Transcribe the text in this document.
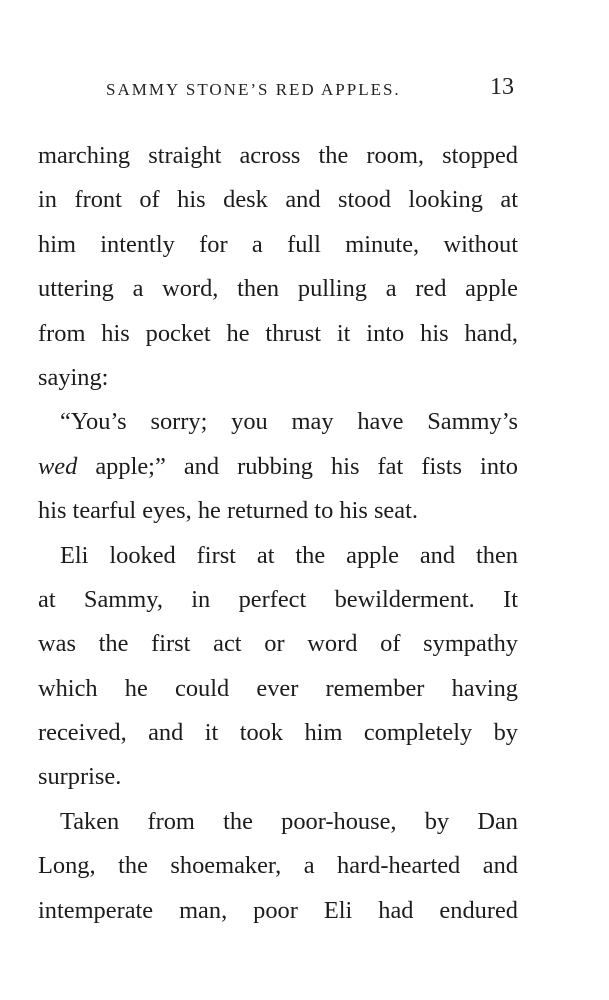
SAMMY STONE’S RED APPLES.	13
marching straight across the room, stopped
in front of his desk and stood looking at
him intently for a full minute, without
uttering a word, then pulling a red apple
from his pocket he thrust it into his hand,
saying:
“You’s sorry; you may have Sammy’s
wed apple;” and rubbing his fat fists into
his tearful eyes, he returned to his seat.
Eli looked first at the apple and then
at Sammy, in perfect bewilderment. It
was the first act or word of sympathy
which he could ever remember having
received, and it took him completely by
surprise.
Taken from the poor-house, by Dan
Long, the shoemaker, a hard-hearted and
intemperate man, poor Eli had endured
